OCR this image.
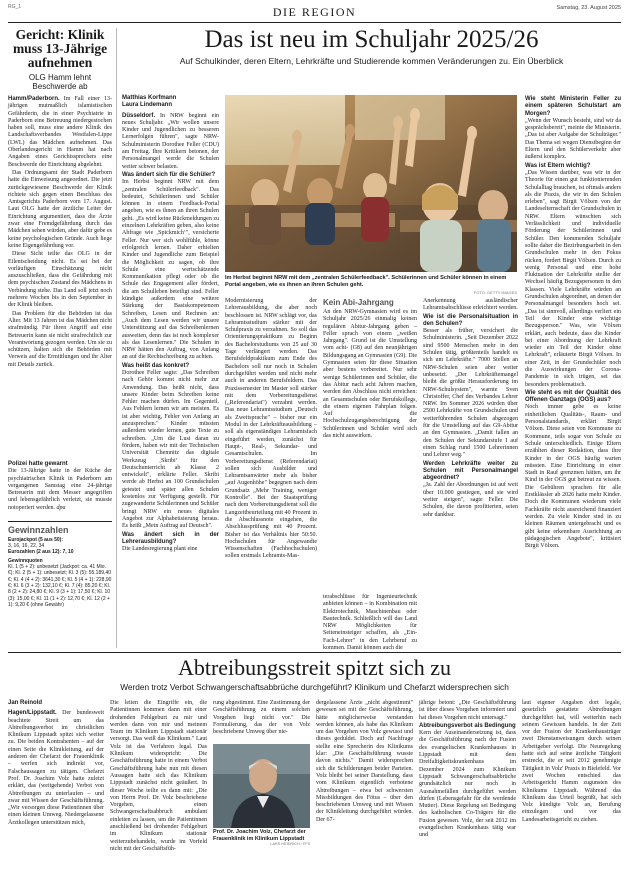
RG_1	DIE REGION	Samstag, 23. August 2025
Gericht: Klinik muss 13-Jährige aufnehmen
OLG Hamm lehnt Beschwerde ab

Hamm/Paderborn. Im Fall einer 13-jährigen mutmaßlich islamistischen Gefährderin, die in einer Psychiatrie in Paderborn eine Betreuung niedergestochen haben soll, muss eine andere Klinik des Landschaftsverbandes Westfalen-Lippe (LWL) das Mädchen aufnehmen. Das Oberlandesgericht in Hamm hat nach Angaben eines Gerichtssprechers eine Beschwerde der Einrichtung abgelehnt.

Das Ordnungsamt der Stadt Paderborn hatte die Einweisung angeordnet. Die jetzt zurückgewiesene Beschwerde der Klinik richtete sich gegen einen Beschluss des Amtsgerichts Paderborn vom 17. August. Laut OLG hatte der ärztliche Leiter der Einrichtung argumentiert, dass die Ärzte zwar eine Fremdgefährdung durch das Mädchen sehen würden, aber dafür gebe es keine psychologischen Gründe. Auch liege keine Eigengefährdung vor.

Diese Sicht teilte das OLG in der Eilentscheidung nicht. Es sei bei der vorläufigen Einschätzung nicht auszuschließen, dass die Gefährdung mit dem psychischen Zustand des Mädchens in Verbindung stehe. Das Land soll jetzt noch mehrere Wochen bis in den September in der Klinik bleiben.

Das Problem für die Behörden ist das Alter. Mit 13 Jahren ist das Mädchen nicht strafmündig. Für ihren Angriff auf eine Betreuerin kann sie nicht strafrechtlich zur Verantwortung gezogen werden. Um sie zu schützen, halten sich die Behörden mit Verweis auf die Ermittlungen und ihr Alter mit Details zurück.

Polizei hatte gewarnt
Die 13-Jährige hatte in der Küche der psychiatrischen Klinik in Paderborn am vergangenen Samstag eine 24-jährige Betreuerin mit dem Messer angegriffen und lebensgefährlich verletzt, sie musste notoperiert werden. dpa
Gewinnzahlen
Eurojackpot (5 aus 50):
3, 16, 16, 22, 34
Eurozahlen (2 aus 12): 7, 10
Gewinnquoten
Kl. 1 (5 + 2): unbesetzt (Jackpot: ca. 41 Mio. €); Kl. 2 (5 + 1): unbesetzt; Kl. 3 (5): 55.189,40 €; Kl. 4 (4 + 2): 3641,30 €; Kl. 5 (4 + 1): 228,90 €; Kl. 6 (3 + 2): 132,10 €; Kl. 7 (4): 85,20 €; Kl. 8 (2 + 2): 24,80 €; Kl. 9 (3 + 1): 17,50 €; Kl. 10 (3): 15,00 €; Kl. 11 (1 + 2): 12,70 €; Kl. 12 (2 + 1): 9,20 € (ohne Gewähr)
Das ist neu im Schuljahr 2025/26
Auf Schulkinder, deren Eltern, Lehrkräfte und Studierende kommen Veränderungen zu. Ein Überblick
Matthias Korfmann
Laura Lindemann

Düsseldorf. In NRW beginnt ein neues Schuljahr. „Wir wollen unsere Kinder und Jugendlichen zu besseren Lernerfolgen führen", sagte NRW-Schulministerin Dorothee Feller (CDU) am Freitag. Ihre Kritikern betonen, der Personalmangel werde die Schulen weiter schwer belasten.

Was ändert sich für die Schüler?

Im Herbst beginnt NRW mit dem „zentralen Schülerfeedback". Das bedeutet, Schülerinnen und Schüler können in einem Feedback-Portal angeben, wie es ihnen an ihren Schulen geht. „Es wird keine Rückmeldungen zu einzelnen Lehrkräften geben, also keine Abfrage wie ‚Spickmich‘", versicherte Feller. Nur wer sich wohlfühle, könne erfolgreich lernen. Daher erhielten Kinder und Jugendliche zum Beispiel die Möglichkeit zu sagen, ob ihre Schule eine wertschätzende Kommunikation pflegt oder ob die Schule das Engagement aller fördert, die am Schulleben beteiligt sind. Feller kündigte außerdem eine weitere Stärkung der Basiskompetenzen Schreiben, Lesen und Rechnen an: „Auch dem Lesen werden wir unsere Unterstützung auf das Schreibenlernen ausweiten, denn das ist noch komplexer als das Lesenlernen." Die Schulen in NRW hätten den Auftrag, von Anfang an auf die Rechtschreibung zu achten.

Was heißt das konkret?

Dorothee Feller sagte: „Das Schreiben nach Gehör kommt nicht mehr zur Anwendung. Das heißt nicht, dass unsere Kinder beim Schreiben keine Fehler machen dürfen. Im Gegenteil. Aus Fehlern lernen wir am meisten. Es ist aber wichtig, Fehler von Anfang an anzusprechen." Kinder müssten außerdem wieder lernen, gute Texte zu schreiben. „Um die Lust daran zu fördern, haben wir mit der Technischen Universität Chemnitz das digitale Werkzeug ‚Skribi‘ für den Deutschunterricht ab Klasse 2 entwickelt", erklärte Feller. Skribi werde ab Herbst an 100 Grundschulen getestet und später allen Schulen kostenlos zur Verfügung gestellt. Für zugewanderte Schülerinnen und Schüler bringt NRW ein neues digitales Angebot zur Alphabetisierung heraus. Es heißt „Mein Auftrag auf Deutsch".

Was ändert sich in der Lehrerausbildung?

Die Landesregierung plant eine

Im Herbst beginnt NRW mit dem „zentralen Schülerfeedback". Schülerinnen und Schüler können in einem Portal angeben, wie es ihnen an ihren Schulen geht.
FOTO: GETTY IMAGES

Modernisierung der Lehrerausbildung, die aber noch beschlossen ist. NRW schlägt vor, das Lehramtsstudium stärker mit der Schulpraxis zu verzahnen. So soll das Orientierungspraktikum zu Beginn des Bachelorstudiums von 25 auf 30 Tage verlängert werden. Das Berufsfeldpraktikum zum Ende des Bachelors soll nur noch in Schulen durchgeführt werden und nicht mehr auch in anderen Berufsfeldern. Das Praxissemester im Master soll stärker mit dem Vorbereitungsdienst („Referendariat") verzahnt werden. Das neue Lehramtsstudium „Deutsch als Zweitsprache" – bisher nur ein Modul in der Lehrkräfteausbildung – soll als eigenständiges Lehramtsfach eingeführt werden, zunächst für Haupt-, Real-, Sekundar- und Gesamtschulen. Im Vorbereitungsdienst (Referendariat) sollen sich Ausbilder und Lehramtsanwärter mehr als bisher „auf Augenhöhe" begegnen nach dem Grundsatz „Mehr Training, weniger Kontrolle". Bei der Staatsprüfung nach dem Vorbereitungsdienst soll die Langzeitbeurteilung mit 40 Prozent in die Abschlussnote eingehen, die Abschlussprüfung mit 40 Prozent. Bisher ist das Verhältnis hier 50:50. Hochschulen für Angewandte Wissenschaften (Fachhochschulen) sollen erstmals Lehramts-Mas-

Kein Abi-Jahrgang

An den NRW-Gymnasien wird es im Schuljahr 2025/26 einmalig keinen regulären Abitur-Jahrgang geben – Feller sprach von einem „weißen Jahrgang". Grund ist die Umstellung vom acht- (G8) auf den neunjährigen Bildungsgang an Gymnasien (G9). Die Gymnasien seien für diese Situation aber bestens vorbereitet. Nur sehr wenige Schülerinnen und Schüler, die das Abitur nach acht Jahren machen, werden den Abschluss nicht erreichen: an Gesamtschulen oder Berufskollegs, die einem eigenen Fahrplan folgen. Auf die Hochschulzugangsberechtigung der Schülerinnen und Schüler wird sich das nicht auswirken.

terabschlüsse für Ingenieurtechnik anbieten können – in Kombination mit Elektrotechnik, Maschinenbau oder Bautechnik. Schließlich will das Land NRW Möglichkeiten für Seiteneinsteiger schaffen, als „Ein-Fach-Lehrer" in den Lehrberuf zu kommen. Damit können auch die

Anerkennung ausländischer Lehramtsabschlüsse erleichtert werden.

Wie ist die Personalsituation in den Schulen?

Besser als früher, versichert die Schulministerin. „Seit Dezember 2022 sind 9500 Menschen mehr in den Schulen tätig, größtenteils handelt es sich um Lehrkräfte." 7000 Stellen an NRW-Schulen seien aber weiter unbesetzt. „Der Lehrkräftemangel bleibt die größte Herausforderung im NRW-Schulsystem", warnte Sven Christoffer, Chef des Verbandes Lehrer NRW. Im Sommer 2026 würden über 2500 Lehrkräfte von Grundschulen und weiterführenden Schulen abgezogen für die Umstellung auf das G9-Abitur an den Gymnasien. „Damit fallen an den Schulen der Sekundarstufe I auf einen Schlag rund 1500 Lehrerinnen und Lehrer weg."

Werden Lehrkräfte weiter zu Schulen mit Personalmangel abgeordnet?

„Ja. Zahl der Abordnungen ist auf weit über 10.000 gestiegen, und sie wird weiter steigen", sagte Feller. Die Schulen, die davon profitierten, seien sehr dankbar.

Wie steht Ministerin Feller zu einem späteren Schulstart am Morgen?

„Wenn der Wunsch besteht, sind wir da gesprächsbereit", meinte die Ministerin. „Das ist aber Aufgabe der Schulträger." Das Thema sei wegen Dienstbeginn der Eltern und den Schülerverkehr aber äußerst komplex.

Was ist Eltern wichtig?

„Das Wissen darüber, was wir in der Theorie für einen gut funktionierenden Schulalltag brauchen, ist oftmals anders als die Praxis, die wir in den Schulen erleben", sagt Birgit Völxen von der Landeselternschaft der Grundschulen in NRW. Eltern wünschten sich Verlässlichkeit und individuelle Förderung der Schülerinnen und Schüler. Den kommenden Schuljahr sollte daher die Bezirhungsarbeit in den Grundschulen mehr in den Fokus rücken, fordert Birgit Völxen. Durch zu wenig Personal und eine hohe Fluktuation der Lehrkräfte stellte der Wechsel häufig Bezugspersonen in den Klassen. Viele Lehrkräfte würden an Grundschulen abgeordnet, an denen der Personalmangel besonders hoch sei. „Das ist sinnvoll, allerdings verliert ein Teil der Kinder eine wichtige Bezugsperson." Was, wie Völxen erklärt, auch bedeute, dass die Kinder bei einer Abordnung der Lehrkraft wieder ein Teil der Kinder ohne Lehrkraft", erläuterte Birgit Völxen. In einer Zeit, in der Grundschüler noch die Auswirkungen der Corona-Pandemie in sich trügen, sei das besonders problematisch.

Wie steht es mit der Qualität des Offenen Ganztags (OGS) aus?

Noch immer gebe es keine einheitlichen Qualitäts-, Raum- und Personalstandards, erklärt Birgit Völxen. Diese seien von Kommune zu Kommune, teils sogar von Schule zu Schule unterschiedlich. Einige Eltern erzählten dieser Redaktion, dass ihre Kinder in der OGS häufig warten müssten. Eine Einrichtung in einer Stadt in Rauf grenzmen hätten, um ihr Kind in der OGS gut betreut zu wissen. Die Gebühren sprachen für alle Erstklässler ab 2026 hatte mehr Kinder. Doch die Kommunen wiederum viele Fachkräfte nicht ausreichend finanziert werden. Zu viele Kinder sind in zu kleinen Räumen untergebracht und es gibt keine erkennbare Ausrichtung an pädagogischen Angebote", kritisiert Birgit Völxen.

Abtreibungsstreit spitzt sich zu
Werden trotz Verbot Schwangerschaftsabbrüche durchgeführt? Klinikum und Chefarzt widersprechen sich
Jan Reinold

Hagen/Lippstadt. Der bundesweit beachtete Streit um das Abtreibungsverbot im christlichen Klinikum Lippstadt spitzt sich weiter zu. Die beiden Kontrahenten – auf der einen Seite die Klinikleitung, auf der anderen der Chefarzt der Frauenklinik – werfen sich indirekt vor, Falschaussagen zu tätigen. Chefarzt Prof. Dr. Joachim Volz hatte zuletzt erklärt, das (weitgehende) Verbot von Abtreibungen zu unterlaufen – und zwar mit Wissen der Geschäftsführung. „Wir versorgen diese Patientinnen über einen kleinen Umweg. Niedergelassene Ärztkollegen unterstützen mich,

Die leiten die Eingriffe ein, die Patientinnen kommen dann mit einer drohenden Fehlgeburt zu mir und werden dann von mir und meinem Team im Klinikum Lippstadt stationär versorgt. Das weiß das Klinikum." Laut Volz ist das Verfahren legal. Das Klinikum widerspricht: Die Geschäftsführung hatte in einem Verbot Geschäftsführung habe nun mit diesen Aussagen hatte sich das Klinikum Lippstadt zunächst nicht geäußert. In dieser Woche teilte es dann mit: „Die von Herrn Prof. Dr. Volz beschriebene Vorgehen, einen Schwangerschaftsabbruch ambulant einleiten zu lassen, um die Patientinnen anschließend bei drohender Fehlgeburt im Klinikum stationär weiterzubehandeln, wurde im Vorfeld nicht mit der Geschäftsfüh-

rung abgestimmt. Eine Zustimmung der Geschäftsführung zu einem solchen Vorgehen liegt nicht vor." Die Formulierung, das der von Volz beschriebene Umweg über nie-

Prof. Dr. Joachim Volz, Chefarzt der Frauenklinik im Klinikum Lippstadt
LARS HEIDRICH / FFS

dergelassene Ärzte „nicht abgestimmt" gewesen sei mit der Geschäftsführung, hätte möglicherweise verstanden werden können, als habe das Klinikum um das Vorgehen von Volz gewusst und dieses geduldet. Doch auf Nachfrage stellte eine Sprecherin des Klinikums klar: „Die Geschäftsführung wusste davon nichts." Damit widersprechen sich die Schilderungen beider Parteien. Volz bleibt bei seiner Darstellung, dass vom Klinikum eigentlich verbotene Abtreibungen – etwa bei schwersten Missbildungen des Fötus – über den beschriebenen Umweg und mit Wissen der Klinikleitung durchgeführt würden. Der 67-

jährige betont: „Die Geschäftsführung ist über dieses Vorgehen informiert und hat dieses Vorgehen nicht untersagt."

Abtreibungsverbot als Bedingung

Kern der Auseinandersetzung ist, dass die Geschäftsführung nach der Fusion des evangelischen Krankenhauses in Lippstadt mit dem Dreifaltigkeitskrankenhaus im Dezember 2024 zum Klinikum Lippstadt Schwangerschaftsabbrüche grundsätzlich nur noch in Ausnahmefällen durchgeführt werden dürfen (Lebensgefahr für die werdende Mutter). Diese Regelung sei Bedingung des katholischen Co-Trägers für die Fusion gewesen. Volz, der seit 2012 im evangelischen Krankenhaus tätig war und

laut eigener Angaben dort legale, gesetzlich gestattete Abtreibungen durchgeführt hat, will weiterhin nach seinem Gewissen handeln. In der Zeit vor der Fusion der Krankenhausträger zwei Dienstanweisungen durch seinen Arbeitgeber verfolgt. Die Neuregelung hatte sich auf seine ärztliche Tätigkeit erstreckt, die er seit 2012 genehmigte Tätigkeit in Volz' Praxis in Bielefeld. Vor zwei Wochen entschied das Arbeitsgericht Hamm zugunsten des Klinikums Lippstadt. Während das Klinikum das Urteil begrüßt, hat sich Volz kündigte Volz an, Berufung einzulegen und vor das Landesarbeitsgericht zu ziehen.
